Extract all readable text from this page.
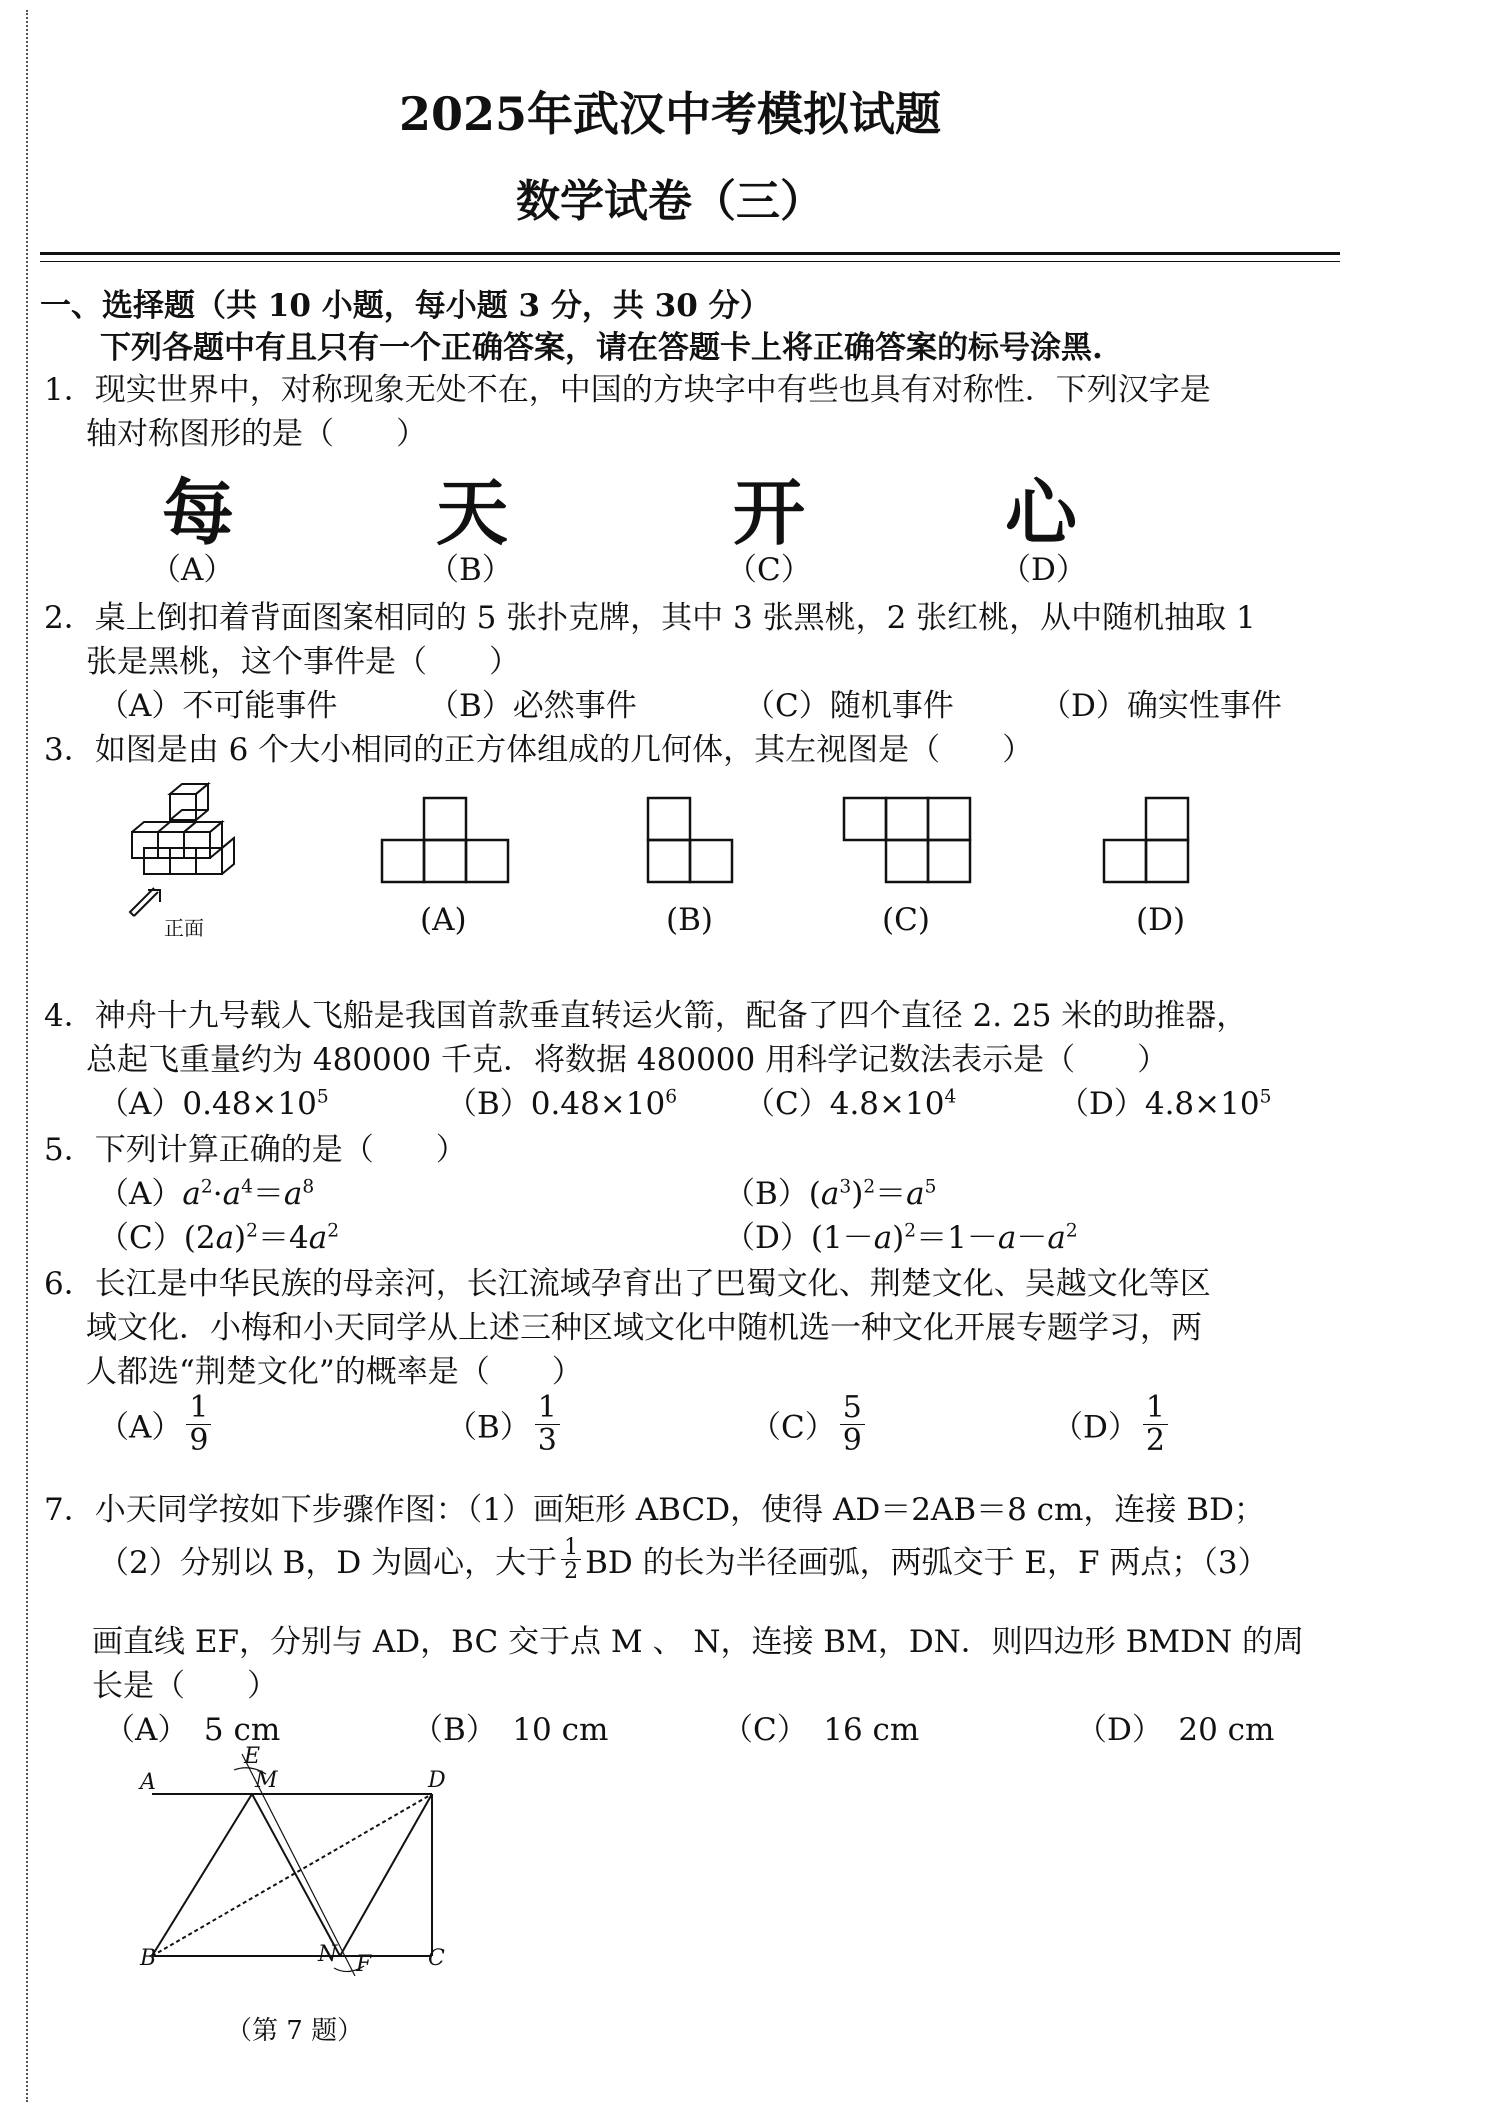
2025年武汉中考模拟试题
数学试卷（三）
一、选择题（共 10 小题，每小题 3 分，共 30 分）
下列各题中有且只有一个正确答案，请在答题卡上将正确答案的标号涂黑.
1．现实世界中，对称现象无处不在，中国的方块字中有些也具有对称性．下列汉字是
轴对称图形的是（　　）
每	天	开	心
（A）	（B）	（C）	（D）
2．桌上倒扣着背面图案相同的 5 张扑克牌，其中 3 张黑桃，2 张红桃，从中随机抽取 1
张是黑桃，这个事件是（　　）
（A）不可能事件	（B）必然事件	（C）随机事件	（D）确实性事件
3．如图是由 6 个大小相同的正方体组成的几何体，其左视图是（　　）
正面	(A)	(B)	(C)	(D)
4．神舟十九号载人飞船是我国首款垂直转运火箭，配备了四个直径 2. 25 米的助推器，
总起飞重量约为 480000 千克．将数据 480000 用科学记数法表示是（　　）
$(A)0.48\times 10^5$	$(B)0.48\times 10^6$ $(C)4.8\times 10^4$	$(D)4.8\times 10^5$
5．下列计算正确的是（　　）
$(A)a^2\cdot a^4=a^8$	$(B)(a^3)^2=a^5$
$(C)(2a)^2=4a^2$	$(D)(1-a)^2=1-a-a^2$
6．长江是中华民族的母亲河，长江流域孕育出了巴蜀文化、荆楚文化、吴越文化等区
域文化．小梅和小天同学从上述三种区域文化中随机选一种文化开展专题学习，两
人都选“荆楚文化”的概率是（　　）
$(A) \frac{1}{9}$	$(B) \frac{1}{3}$	$(C) \frac{5}{9}$	$(D) \frac{1}{2}$
7．小天同学按如下步骤作图：（1）画矩形 ABCD，使得 AD＝2AB＝8 cm，连接 BD；
（2）分别以 B，D 为圆心，大于 $\frac{1}{2}$ BD 的长为半径画弧，两弧交于 E，F 两点；（3）
画直线 EF，分别与 AD，BC 交于点 M 、 N，连接 BM，DN．则四边形 BMDN 的周
长是（　　）
（A）　5 cm	（B）　10 cm	（C）　16 cm	（D）　20 cm
A	D
B	C
M
N
E
F
（第 7 题）
